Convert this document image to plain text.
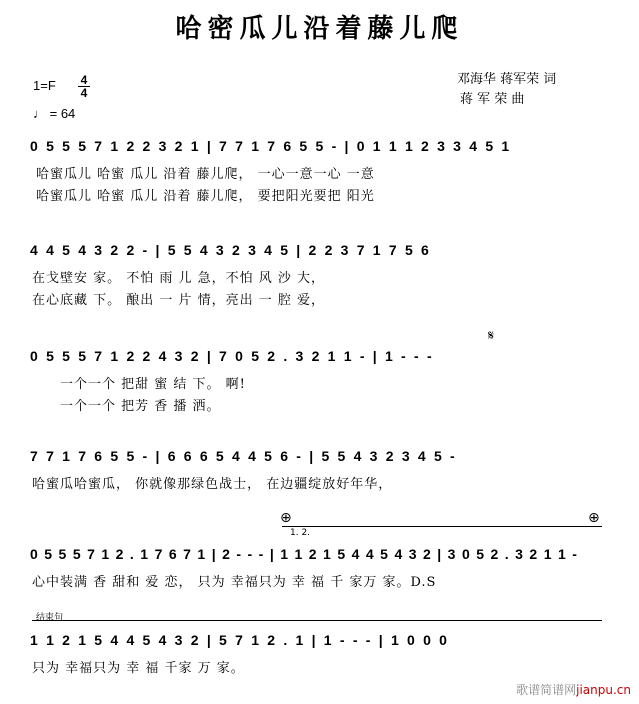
哈密瓜儿沿着藤儿爬
邓海华 蒋军荣 词
蒋 军 荣 曲
1=F 4
4
♩ = 64
0 5 5 5 7 1 2 2 3 2 1 | 7 7 1 7 6 5 5 - | 0 1 1 1 2 3 3 4 5 1
哈蜜瓜儿 哈蜜 瓜儿 沿着 藤儿爬， 一心一意一心 一意
哈蜜瓜儿 哈蜜 瓜儿 沿着 藤儿爬， 要把阳光要把 阳光
4 4 5 4 3 2 2 - | 5 5 4 3 2 3 4 5 | 2 2 3 7 1 7 5 6
在戈壁安 家。 不怕 雨 儿 急，不怕 风 沙 大，
在心底藏 下。 酿出 一 片 情，亮出 一 腔 爱，
𝄋
0 5 5 5 7 1 2 2 4 3 2 | 7 0 5 2 . 3 2 1 1 - | 1 - - -
一个一个 把甜 蜜 结 下。 啊!
一个一个 把芳 香 播 洒。
7 7 1 7 6 5 5 - | 6 6 6 5 4 4 5 6 - | 5 5 4 3 2 3 4 5 -
哈蜜瓜哈蜜瓜， 你就像那绿色战士， 在边疆绽放好年华，
⊕	⊕
1. 2.
0 5 5 5 7 1 2 . 1 7 6 7 1 | 2 - - - | 1 1 2 1 5 4 4 5 4 3 2 | 3 0 5 2 . 3 2 1 1 -
心中装满 香 甜和 爱 恋， 只为 幸福只为 幸 福 千 家万 家。D.S
结束句
1 1 2 1 5 4 4 5 4 3 2 | 5 7 1 2 . 1 | 1 - - - | 1 0 0 0
只为 幸福只为 幸 福 千家 万 家。
歌谱简谱网jianpu.cn
